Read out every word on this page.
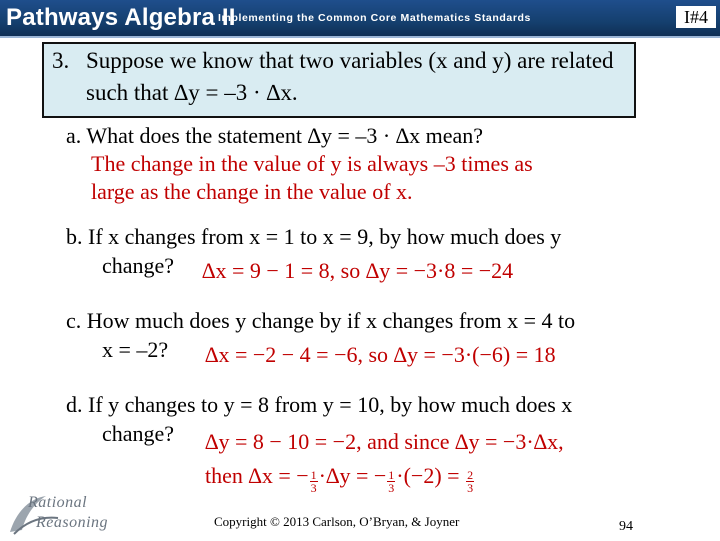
Pathways Algebra II
Implementing the Common Core Mathematics Standards	I#4
3. Suppose we know that two variables (x and y) are related
such that ∆y = –3 · ∆x.
a. What does the statement ∆y = –3 · ∆x mean?
The change in the value of y is always –3 times as
large as the change in the value of x.
b. If x changes from x = 1 to x = 9, by how much does y
change? ∆x = 9 − 1 = 8, so ∆y = −3·8 = −24
c. How much does y change by if x changes from x = 4 to
x = –2? ∆x = −2 − 4 = −6, so ∆y = −3·(−6) = 18
d. If y changes to y = 8 from y = 10, by how much does x
change? ∆y = 8 − 10 = −2, and since ∆y = −3·∆x,
then ∆x = − $\frac{1}{3} \cdot\Delta y$ = − $\frac{1}{3} \cdot(-2) = \frac{2}{3}$
Rational
Reasoning	Copyright © 2013 Carlson, O’Bryan, & Joyner	94
